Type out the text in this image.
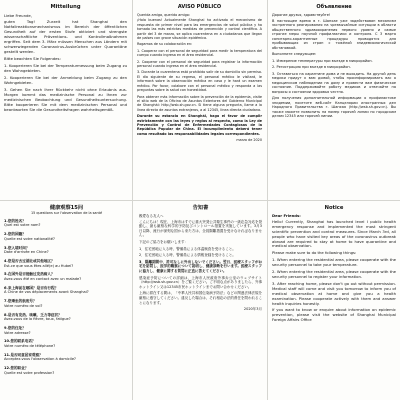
Mitteilung
Liebe Freunde,
guten Tag! Zurzeit hat Shanghai den Notfallreaktionsmechanismus im Bereich der öffentlichen Gesundheit auf der ersten Stufe aktiviert und strengste wissenschaftliche Präventions- und Kontrollmaßnahmen ergriffen. Seit dem 3. März müssen Menschen aus Ländern mit schwerwiegenden Coronavirus-Ausbrüchen unter Quarantäne gestellt werden.
Bitte beachten Sie Folgendes:
1. Kooperieren Sie bei der Temperaturmessung beim Zugang zu den Wohngebieten.
2. Kooperieren Sie bei der Anmeldung beim Zugang zu den Wohngebieten.
3. Gehen Sie nach Ihrer Rückkehr nicht ohne Erlaubnis aus. Morgen kommt das medizinische Personal zu Ihnen zur medizinischen Beobachtung und Gesundheitsuntersuchung. Bitte kooperieren Sie mit dem medizinischen Personal und beantworten Sie die Gesundheitsfragen wahrheitsgemäß.
AVISO PÚBLICO
Querida amiga, querido amigo:
¡Hola buenas! Actualmente Shanghai ha activado el mecanismo de respuesta de primer nivel para las emergencias de salud pública y ha tomado las más estrictas medidas de prevención y control científico. A partir del 3 de marzo, se aplica cuarentena en a ciudadanos que llegan de países con grave situación epidémica.
Rogamos de su colaboración en:
1. Cooperar con el personal de seguridad para medir la temperatura del cuerpo cuando ingresa en el área residencial.
2. Cooperar con el personal de seguridad para registrar la información personal cuando ingresa en el área residencial.
3. Durante la cuarentena está prohibido salir de su domicilio sin permiso. El día siguiente de su regreso, el personal médico le visitará, le informará sobre la observación médica en casa y le hará un examen médico. Por favor, colabore con el personal médico y responda a las preguntas sobre la salud con honestidad.
Para obtener más información sobre la prevención de la epidemia, visite el sitio web de la Oficina de Asuntos Exteriores del Gobierno Municipal de Shanghái: http://wsb.sh.gov.cn. Si tiene alguna pregunta, llame a la línea directa de asuntos extranjeros, a al 12345, línea directa ciudadana.
Durante su estancia en Shanghái, haga el favor de cumplir estrictamente con las leyes y reglas al respecto, como la Ley de Prevención y Control de Enfermedades Contagiosas de la República Popular de China. El incumplimiento deberá tener como resultado las responsabilidades legales correspondientes.
marzo de 2020
Объявление
Дорогие друзья, здравствуйте!
В настоящее время в г. Шанхае уже задействован механизм экстренного реагирования на чрезвычайные ситуации в области общественного здравоохранения первого уровня и самые строгие меры научной профилактики и контроля. С 3 марта санитарно-карантинные процедуры проводятся для прибывающих из стран с тяжёлой эпидемиологической обстановкой.
Выполните следующее:
1. Измерение температуры при въезде в микрорайон.
2. Регистрацию при въезде в микрорайон.
3. Оставаться на карантине дома и не выходить. На другой день медики придут к вам домой, чтобы проинформировать вас о медицинском наблюдении на дому и провести вам физическое состояние. Поддерживайте работу медиков и отвечайте на вопросы о состоянии здоровья честно.
Для получения дополнительной информации о профилактике эпидемии, посетите веб-сайт Канцелярии иностранных дел Народного Правительства г. Шанхая (http://wsb.sh.gov.cn). Вы также можете позвонить на номер горячей линии по городским делам 12345 или горячей линии.
健康观察15问
15 questions sur l'observation de la santé
1.您的姓名？
Quel est votre nom?
2.您的国籍？
Quelle est votre nationalité?
3.您入境时间？
Date d'arrivée en Chine?
4.您是否去过湖北或其他地区？
Est-ce que vous êtes allé(e) au Hubei?
5.在国外是否接触过发热病人？
Avez-vous été en contact avec un malade?
6.来上海前在哪国？是否有行程？
À Chine de vos déplacements avant Shanghai?
7.您乘坐的航班号？
Votre numéro de vol?
8.是否有发热、咳嗽、乏力等症状？
Avez-vous de la fièvre, toux, fatigue?
9.您的住址？
Votre adresse?
10.您的联系电话？
Votre numéro de téléphone?
11.是否同意居家观察？
Acceptez-vous l'observation à domicile?
12.您的职业？
Quelle est votre profession?
告知書
親愛なる友人へ
こんにちは！現在、上海市はすでに重大突発公共衛生事件の一級応急対応を発動し、最も厳格な科学的予防及びコントロール措置を実施しています。3月3日以降、流行が深刻な国から来た方は、全員隔離措置を受けなければなりません。
下記のご協力をお願いします：
1．住宅団地に入る時、警備員による体温検査を受けること。
2．住宅団地に入る時、警備員による情報登録を受けること。
3．隔離期間中、許可なしに外出しないでください。翌日、医療スタッフがお宅を訪問し、医学的観察について説明し、健康診断を行います。医療スタッフに協力し、健康に関する質問に正直に答えてください。
感染症予防についての詳細は、上海市人民政府外事弁公室のウェブサイト（http://wsb.sh.gov.cn）をご覧ください。ご不明な点がありましたら、外事ホットライン又は12345市民ホットラインまでお問い合わせください。
上海に滞在する間は、「中華人民共和国伝染病予防法」などの関連法律法規を厳格に遵守してください。違反した場合は、それ相応の法的責任を問われることになります。
2020年3月
Notice
Dear Friends:
Hello! Currently, Shanghai has launched level I public health emergency response and implemented the most stringent scientific prevention and control measures. Since March 3rd, all people who have visited key areas of the coronavirus outbreak abroad are required to stay at home to have quarantine and medical observation.
Please make sure to do the following things:
1. When entering the residential area, please cooperate with the security personnel to take your temperature.
2. When entering the residential area, please cooperate with the security personnel to register your information.
3. After reaching home, please don't go out without permission. Medical staff will come and visit you tomorrow to inform you of medical observation at home and give you a health examination. Please cooperate actively with them and answer health inquiries honestly.
If you want to know or enquire about information on epidemic prevention, please visit the website of Shanghai Municipal Foreign Affairs Office
